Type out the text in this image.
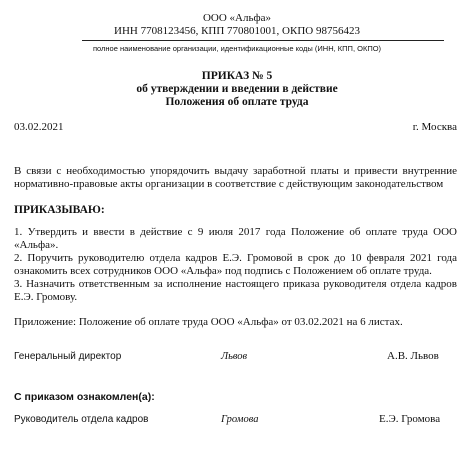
ООО «Альфа»
ИНН 7708123456, КПП 770801001, ОКПО 98756423
полное наименование организации, идентификационные коды (ИНН, КПП, ОКПО)
ПРИКАЗ № 5
об утверждении и введении в действие
Положения об оплате труда
03.02.2021	г. Москва
В связи с необходимостью упорядочить выдачу заработной платы и привести внутренние нормативно-правовые акты организации в соответствие с действующим законодательством
ПРИКАЗЫВАЮ:
1. Утвердить и ввести в действие с 9 июля 2017 года Положение об оплате труда ООО «Альфа».
2. Поручить руководителю отдела кадров Е.Э. Громовой в срок до 10 февраля 2021 года ознакомить всех сотрудников ООО «Альфа» под подпись с Положением об оплате труда.
3. Назначить ответственным за исполнение настоящего приказа руководителя отдела кадров Е.Э. Громову.
Приложение: Положение об оплате труда ООО «Альфа» от 03.02.2021 на 6 листах.
Генеральный директор	Львов	А.В. Львов
С приказом ознакомлен(а):
Руководитель отдела кадров	Громова	Е.Э. Громова
